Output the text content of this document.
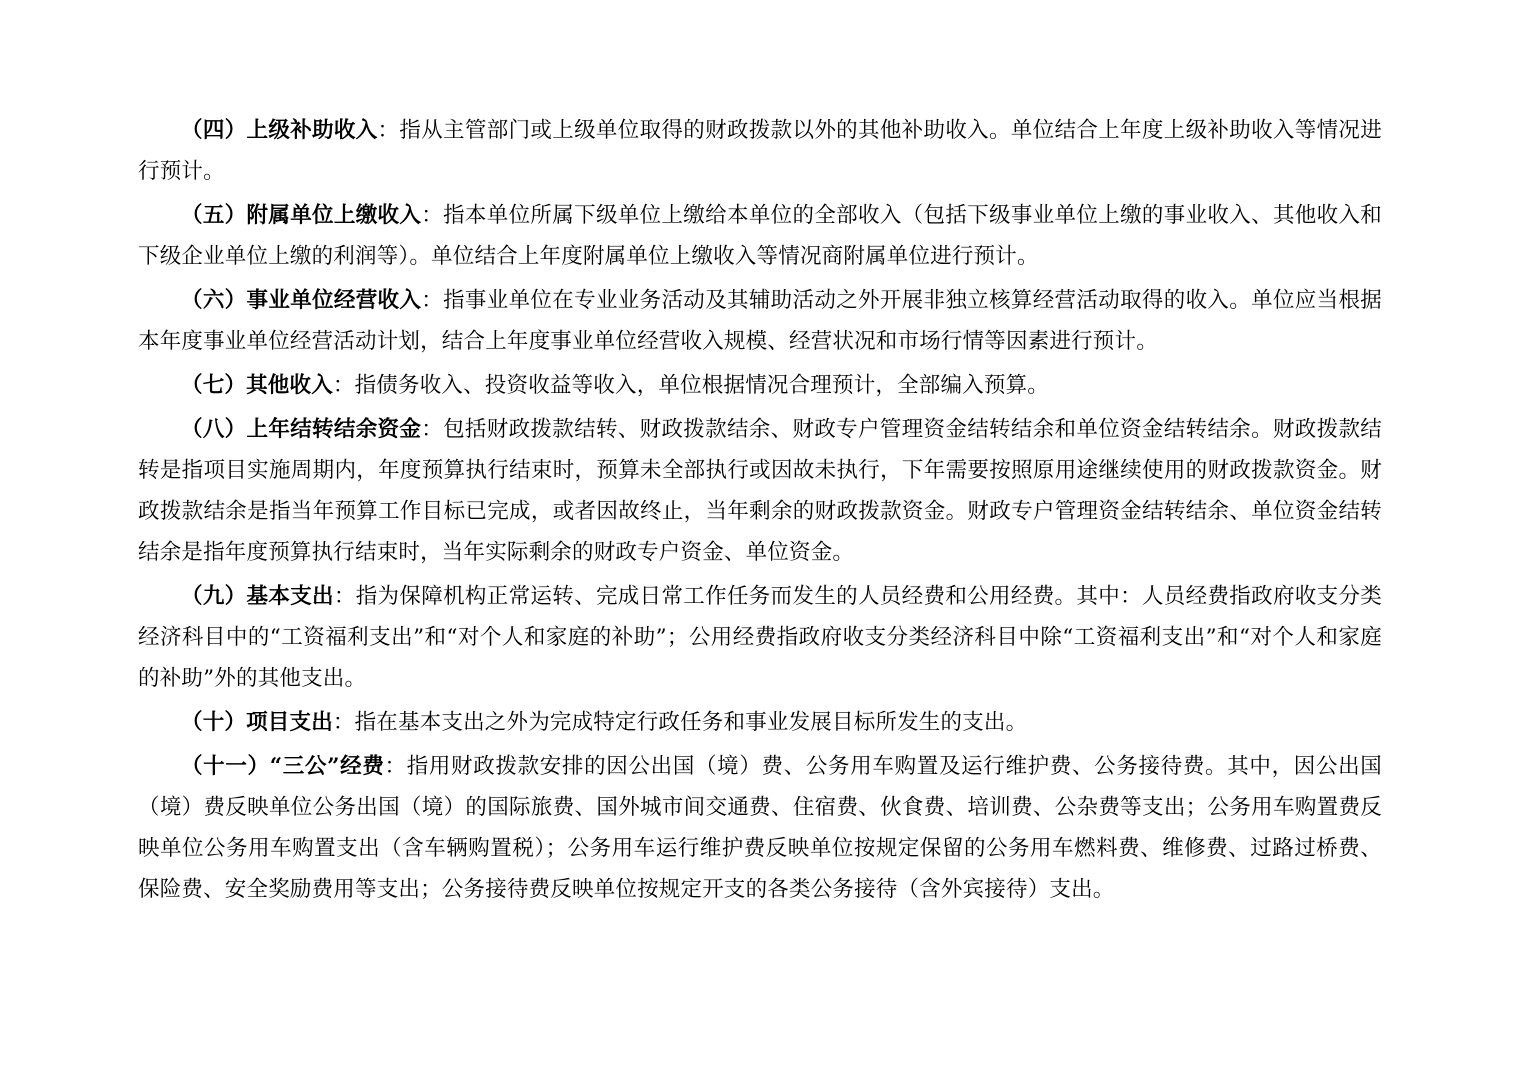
（四）上级补助收入：指从主管部门或上级单位取得的财政拨款以外的其他补助收入。单位结合上年度上级补助收入等情况进行预计。

（五）附属单位上缴收入：指本单位所属下级单位上缴给本单位的全部收入（包括下级事业单位上缴的事业收入、其他收入和下级企业单位上缴的利润等）。单位结合上年度附属单位上缴收入等情况商附属单位进行预计。

（六）事业单位经营收入：指事业单位在专业业务活动及其辅助活动之外开展非独立核算经营活动取得的收入。单位应当根据本年度事业单位经营活动计划，结合上年度事业单位经营收入规模、经营状况和市场行情等因素进行预计。

（七）其他收入：指债务收入、投资收益等收入，单位根据情况合理预计，全部编入预算。

（八）上年结转结余资金：包括财政拨款结转、财政拨款结余、财政专户管理资金结转结余和单位资金结转结余。财政拨款结转是指项目实施周期内，年度预算执行结束时，预算未全部执行或因故未执行，下年需要按照原用途继续使用的财政拨款资金。财政拨款结余是指当年预算工作目标已完成，或者因故终止，当年剩余的财政拨款资金。财政专户管理资金结转结余、单位资金结转结余是指年度预算执行结束时，当年实际剩余的财政专户资金、单位资金。

（九）基本支出：指为保障机构正常运转、完成日常工作任务而发生的人员经费和公用经费。其中：人员经费指政府收支分类经济科目中的“工资福利支出”和“对个人和家庭的补助”；公用经费指政府收支分类经济科目中除“工资福利支出”和“对个人和家庭的补助”外的其他支出。

（十）项目支出：指在基本支出之外为完成特定行政任务和事业发展目标所发生的支出。

（十一）“三公”经费：指用财政拨款安排的因公出国（境）费、公务用车购置及运行维护费、公务接待费。其中，因公出国（境）费反映单位公务出国（境）的国际旅费、国外城市间交通费、住宿费、伙食费、培训费、公杂费等支出；公务用车购置费反映单位公务用车购置支出（含车辆购置税）；公务用车运行维护费反映单位按规定保留的公务用车燃料费、维修费、过路过桥费、保险费、安全奖励费用等支出；公务接待费反映单位按规定开支的各类公务接待（含外宾接待）支出。
